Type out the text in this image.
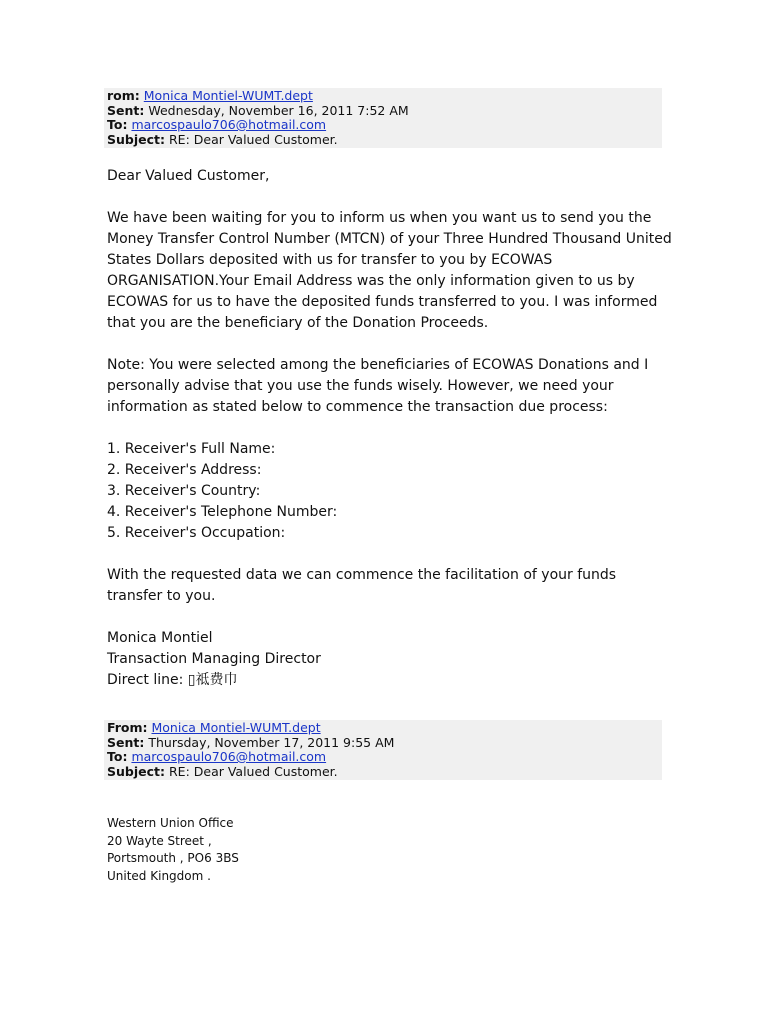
rom: Monica Montiel-WUMT.dept
Sent: Wednesday, November 16, 2011 7:52 AM
To: marcospaulo706@hotmail.com
Subject: RE: Dear Valued Customer.

Dear Valued Customer,

We have been waiting for you to inform us when you want us to send you the Money Transfer Control Number (MTCN) of your Three Hundred Thousand United States Dollars deposited with us for transfer to you by ECOWAS ORGANISATION.Your Email Address was the only information given to us by ECOWAS for us to have the deposited funds transferred to you. I was informed that you are the beneficiary of the Donation Proceeds.

Note: You were selected among the beneficiaries of ECOWAS Donations and I personally advise that you use the funds wisely. However, we need your information as stated below to commence the transaction due process:

1. Receiver's Full Name:

2. Receiver's Address:

3. Receiver's Country:

4. Receiver's Telephone Number:

5. Receiver's Occupation:

With the requested data we can commence the facilitation of your funds transfer to you.

Monica Montiel

Transaction Managing Director

Direct line: ▯祗费巾

From: Monica Montiel-WUMT.dept
Sent: Thursday, November 17, 2011 9:55 AM
To: marcospaulo706@hotmail.com
Subject: RE: Dear Valued Customer.

Western Union Office

20 Wayte Street ,

Portsmouth , PO6 3BS

United Kingdom .
